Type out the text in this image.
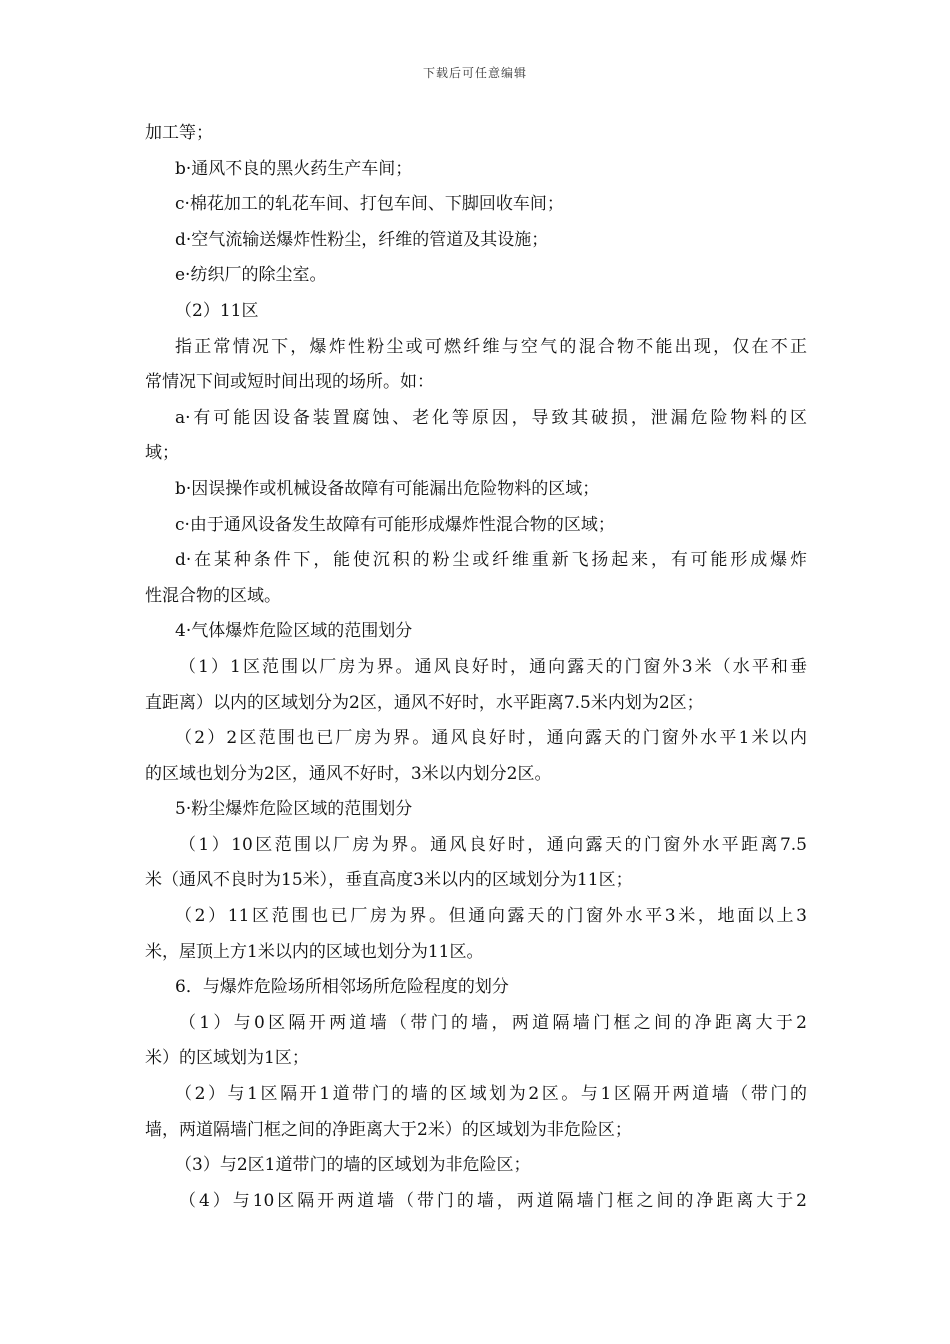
下载后可任意编辑
加工等；
b·通风不良的黑火药生产车间；
c·棉花加工的轧花车间、打包车间、下脚回收车间；
d·空气流输送爆炸性粉尘，纤维的管道及其设施；
e·纺织厂的除尘室。
（2）11区
指正常情况下，爆炸性粉尘或可燃纤维与空气的混合物不能出现，仅在不正
常情况下间或短时间出现的场所。如：
a·有可能因设备装置腐蚀、老化等原因，导致其破损，泄漏危险物料的区
域；
b·因误操作或机械设备故障有可能漏出危险物料的区域；
c·由于通风设备发生故障有可能形成爆炸性混合物的区域；
d·在某种条件下，能使沉积的粉尘或纤维重新飞扬起来，有可能形成爆炸
性混合物的区域。
4·气体爆炸危险区域的范围划分
（1）1区范围以厂房为界。通风良好时，通向露天的门窗外3米（水平和垂
直距离）以内的区域划分为2区，通风不好时，水平距离7.5米内划为2区；
（2）2区范围也已厂房为界。通风良好时，通向露天的门窗外水平1米以内
的区域也划分为2区，通风不好时，3米以内划分2区。
5·粉尘爆炸危险区域的范围划分
（1）10区范围以厂房为界。通风良好时，通向露天的门窗外水平距离7.5
米（通风不良时为15米），垂直高度3米以内的区域划分为11区；
（2）11区范围也已厂房为界。但通向露天的门窗外水平3米，地面以上3
米，屋顶上方1米以内的区域也划分为11区。
6．与爆炸危险场所相邻场所危险程度的划分
（1）与0区隔开两道墙（带门的墙，两道隔墙门框之间的净距离大于2
米）的区域划为1区；
（2）与1区隔开1道带门的墙的区域划为2区。与1区隔开两道墙（带门的
墙，两道隔墙门框之间的净距离大于2米）的区域划为非危险区；
（3）与2区1道带门的墙的区域划为非危险区；
（4）与10区隔开两道墙（带门的墙，两道隔墙门框之间的净距离大于2
